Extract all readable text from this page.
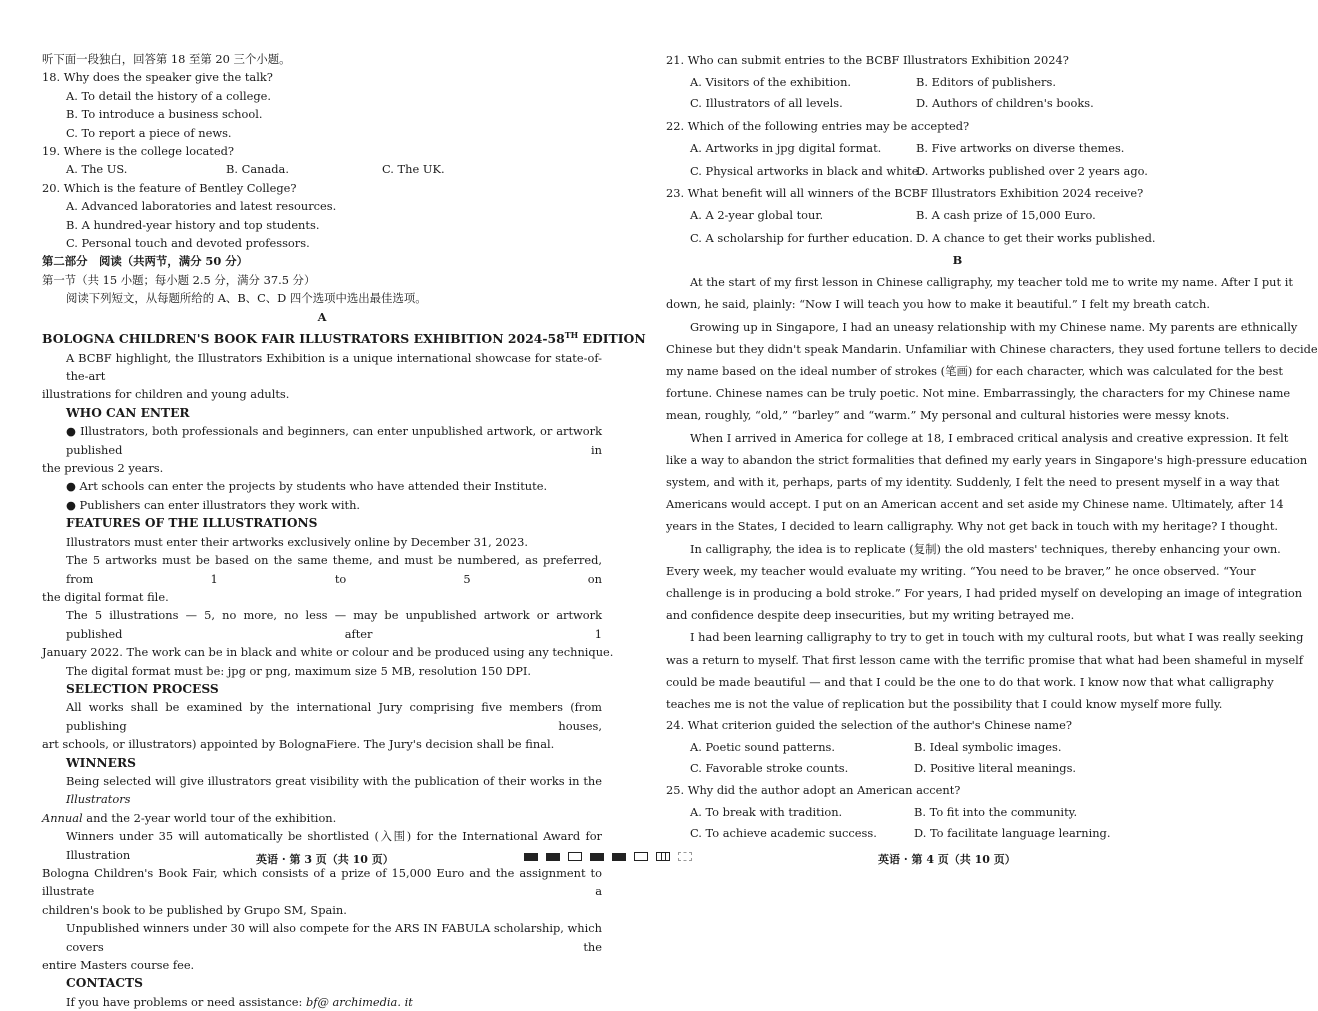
听下面一段独白，回答第 18 至第 20 三个小题。
18. Why does the speaker give the talk?
A. To detail the history of a college.
B. To introduce a business school.
C. To report a piece of news.
19. Where is the college located?
A. The US.	B. Canada.	C. The UK.
20. Which is the feature of Bentley College?
A. Advanced laboratories and latest resources.
B. A hundred-year history and top students.
C. Personal touch and devoted professors.
第二部分　阅读（共两节，满分 50 分）
第一节（共 15 小题；每小题 2.5 分，满分 37.5 分）
阅读下列短文，从每题所给的 A、B、C、D 四个选项中选出最佳选项。
A
BOLOGNA CHILDREN'S BOOK FAIR ILLUSTRATORS EXHIBITION 2024-58TH EDITION
A BCBF highlight, the Illustrators Exhibition is a unique international showcase for state-of-the-art
illustrations for children and young adults.
WHO CAN ENTER
● Illustrators, both professionals and beginners, can enter unpublished artwork, or artwork published in
the previous 2 years.
● Art schools can enter the projects by students who have attended their Institute.
● Publishers can enter illustrators they work with.
FEATURES OF THE ILLUSTRATIONS
Illustrators must enter their artworks exclusively online by December 31, 2023.
The 5 artworks must be based on the same theme, and must be numbered, as preferred, from 1 to 5 on
the digital format file.
The 5 illustrations — 5, no more, no less — may be unpublished artwork or artwork published after 1
January 2022. The work can be in black and white or colour and be produced using any technique.
The digital format must be: jpg or png, maximum size 5 MB, resolution 150 DPI.
SELECTION PROCESS
All works shall be examined by the international Jury comprising five members (from publishing houses,
art schools, or illustrators) appointed by BolognaFiere. The Jury's decision shall be final.
WINNERS
Being selected will give illustrators great visibility with the publication of their works in the Illustrators
Annual and the 2-year world tour of the exhibition.
Winners under 35 will automatically be shortlisted (入围) for the International Award for Illustration
Bologna Children's Book Fair, which consists of a prize of 15,000 Euro and the assignment to illustrate a
children's book to be published by Grupo SM, Spain.
Unpublished winners under 30 will also compete for the ARS IN FABULA scholarship, which covers the
entire Masters course fee.
CONTACTS
If you have problems or need assistance: bf@ archimedia. it
21. Who can submit entries to the BCBF Illustrators Exhibition 2024?
A. Visitors of the exhibition.	B. Editors of publishers.
C. Illustrators of all levels.	D. Authors of children's books.
22. Which of the following entries may be accepted?
A. Artworks in jpg digital format.	B. Five artworks on diverse themes.
C. Physical artworks in black and white.
D. Artworks published over 2 years ago.
23. What benefit will all winners of the BCBF Illustrators Exhibition 2024 receive?
A. A 2-year global tour.	B. A cash prize of 15,000 Euro.
C. A scholarship for further education. D. A chance to get their works published.
B
At the start of my first lesson in Chinese calligraphy, my teacher told me to write my name. After I put it
down, he said, plainly: “Now I will teach you how to make it beautiful.” I felt my breath catch.
Growing up in Singapore, I had an uneasy relationship with my Chinese name. My parents are ethnically
Chinese but they didn't speak Mandarin. Unfamiliar with Chinese characters, they used fortune tellers to decide
my name based on the ideal number of strokes (笔画) for each character, which was calculated for the best
fortune. Chinese names can be truly poetic. Not mine. Embarrassingly, the characters for my Chinese name
mean, roughly, “old,” “barley” and “warm.” My personal and cultural histories were messy knots.
When I arrived in America for college at 18, I embraced critical analysis and creative expression. It felt
like a way to abandon the strict formalities that defined my early years in Singapore's high-pressure education
system, and with it, perhaps, parts of my identity. Suddenly, I felt the need to present myself in a way that
Americans would accept. I put on an American accent and set aside my Chinese name. Ultimately, after 14
years in the States, I decided to learn calligraphy. Why not get back in touch with my heritage? I thought.
In calligraphy, the idea is to replicate (复制) the old masters' techniques, thereby enhancing your own.
Every week, my teacher would evaluate my writing. “You need to be braver,” he once observed. “Your
challenge is in producing a bold stroke.” For years, I had prided myself on developing an image of integration
and confidence despite deep insecurities, but my writing betrayed me.
I had been learning calligraphy to try to get in touch with my cultural roots, but what I was really seeking
was a return to myself. That first lesson came with the terrific promise that what had been shameful in myself
could be made beautiful — and that I could be the one to do that work. I know now that what calligraphy
teaches me is not the value of replication but the possibility that I could know myself more fully.
24. What criterion guided the selection of the author's Chinese name?
A. Poetic sound patterns.	B. Ideal symbolic images.
C. Favorable stroke counts.	D. Positive literal meanings.
25. Why did the author adopt an American accent?
A. To break with tradition.	B. To fit into the community.
C. To achieve academic success.	D. To facilitate language learning.
英语 · 第 3 页（共 10 页）	英语 · 第 4 页（共 10 页）
